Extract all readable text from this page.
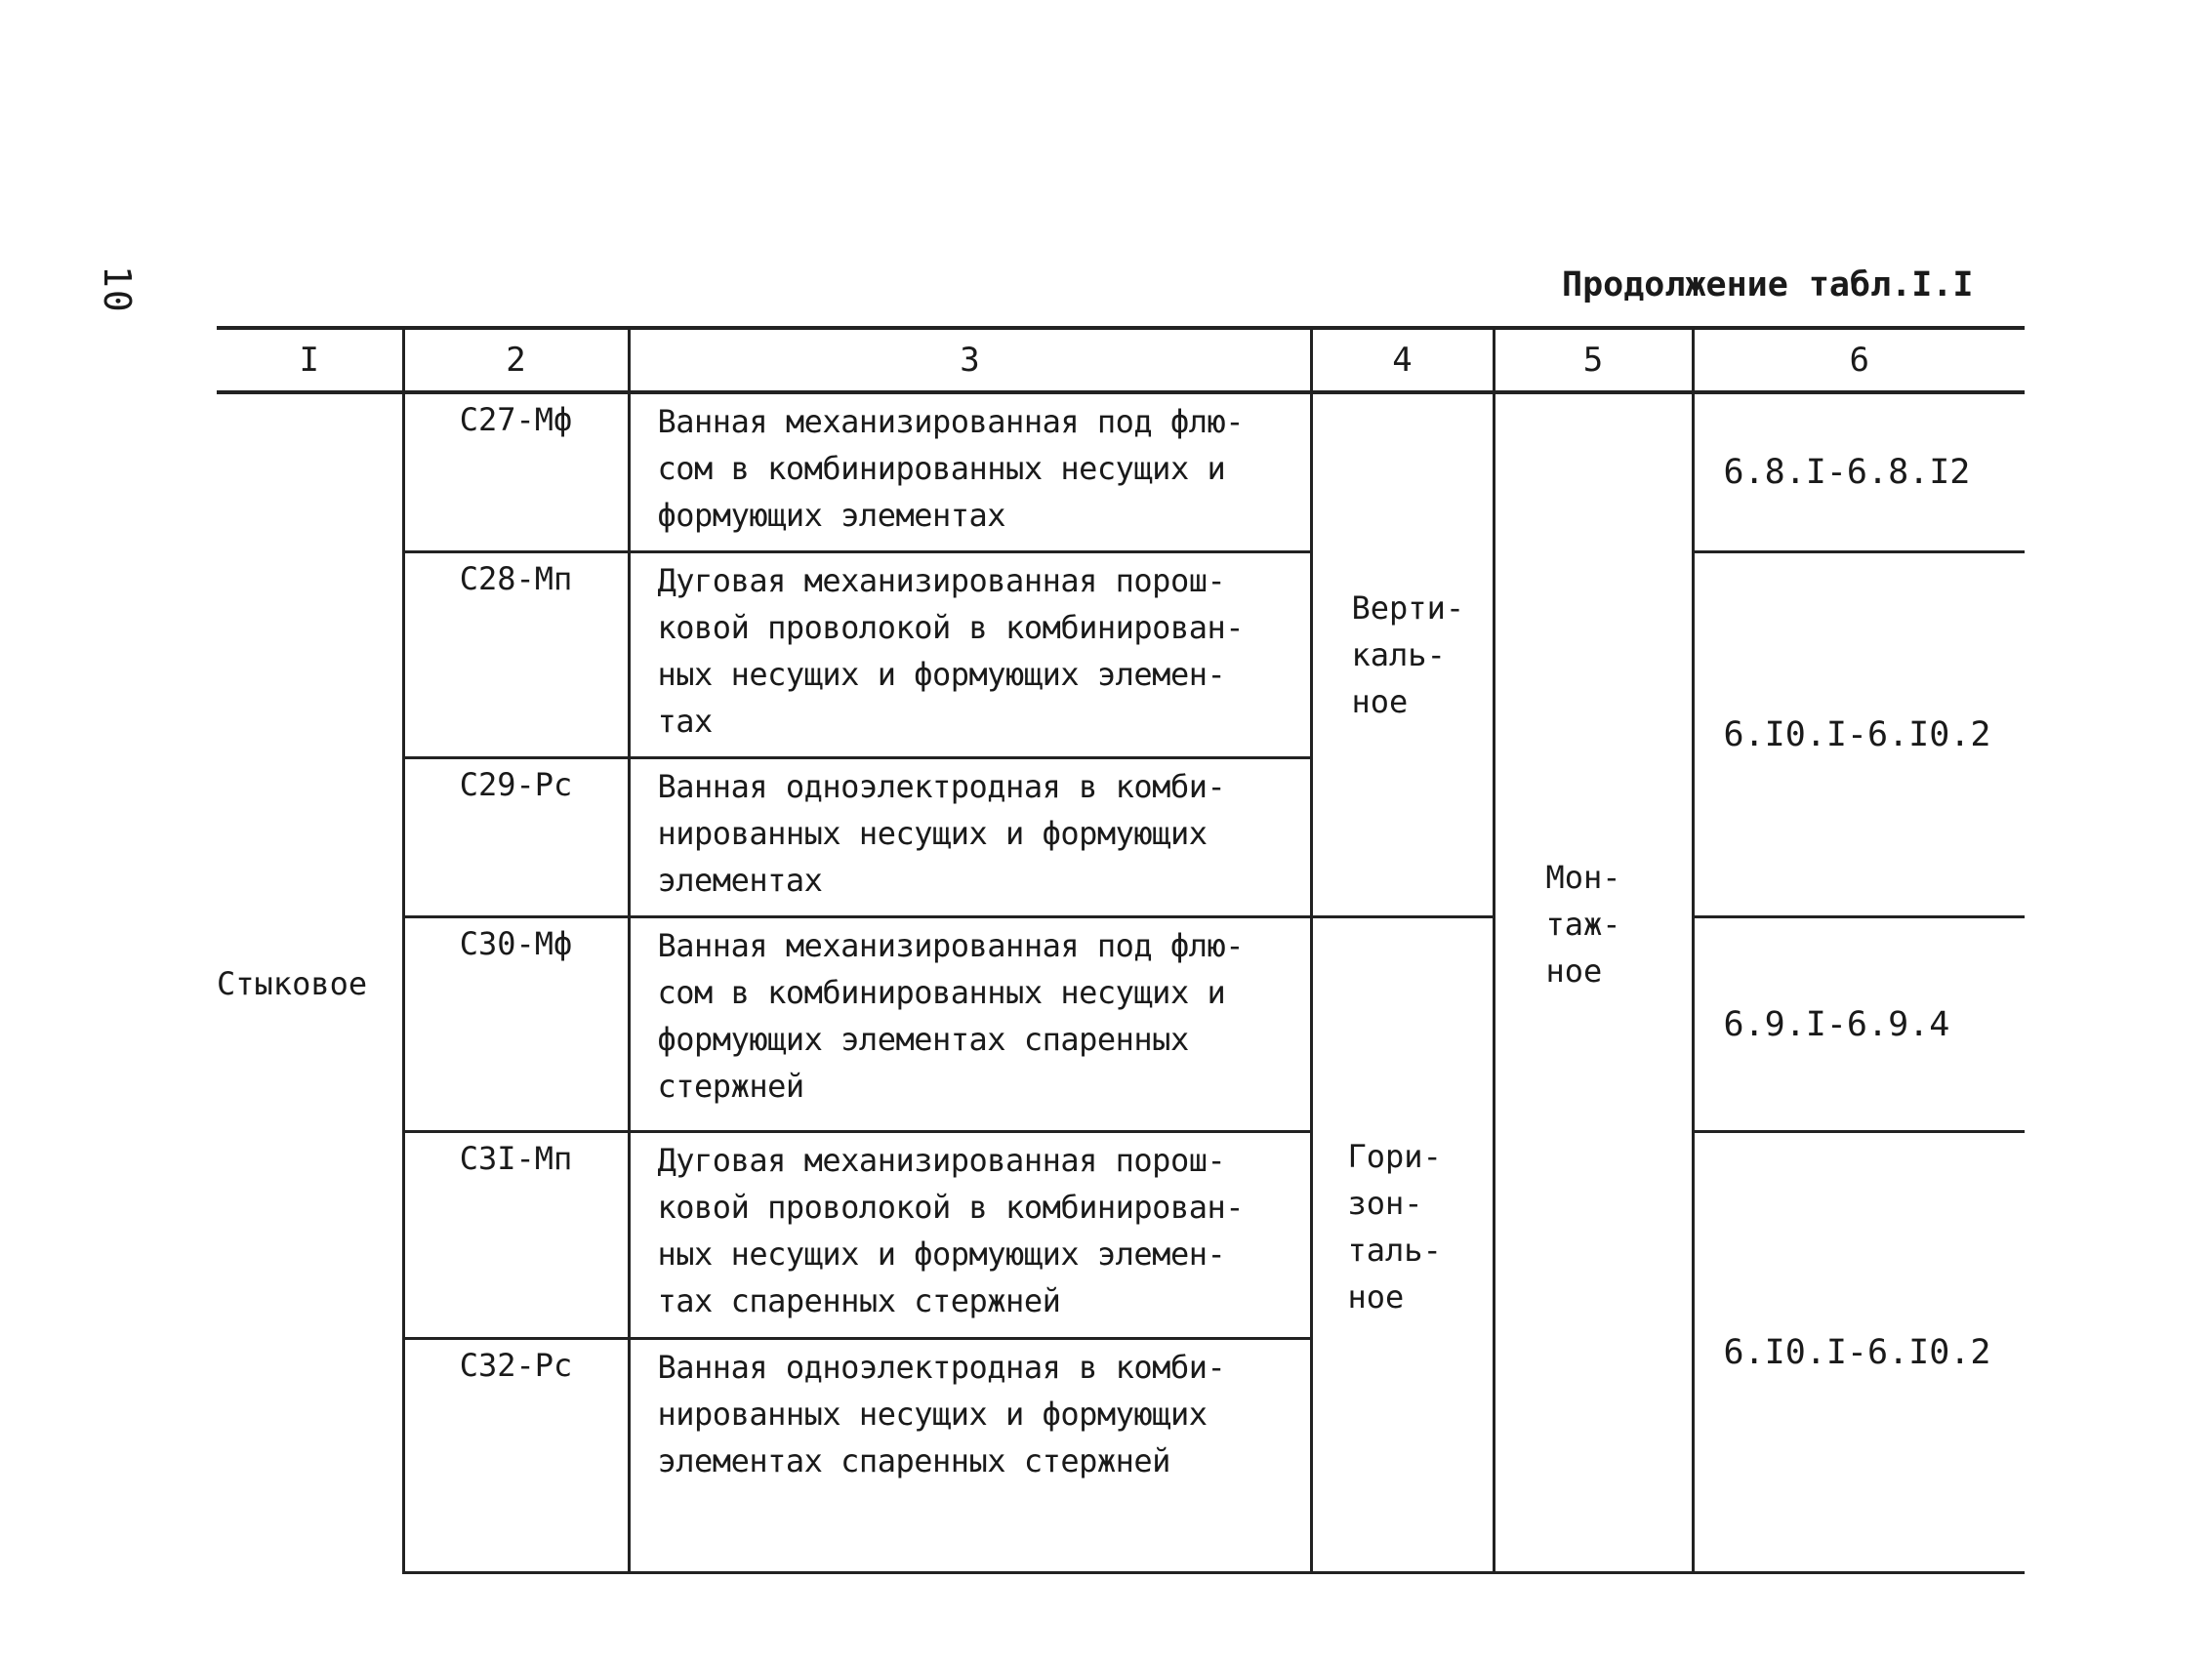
10	Продолжение табл.I.I
I	2	3	4	5	6
Стыковое	С27-Мф	Ванная механизированная под флю-
сом в комбинированных несущих и
формующих элементах	Верти-
каль-
ное	Мон-
таж-
ное	6.8.I-6.8.I2
	С28-Мп	Дуговая механизированная порош-
ковой проволокой в комбинирован-
ных несущих и формующих элемен-
тах			6.I0.I-6.I0.2
	С29-Рс	Ванная одноэлектродная в комби-
нированных несущих и формующих
элементах			

	С30-Мф	Ванная механизированная под флю-
сом в комбинированных несущих и
формующих элементах спаренных
стержней	Гори-
зон-
таль-
ное		6.9.I-6.9.4
	С3I-Мп	Дуговая механизированная порош-
ковой проволокой в комбинирован-
ных несущих и формующих элемен-
тах спаренных стержней			6.I0.I-6.I0.2
	С32-Рс	Ванная одноэлектродная в комби-
нированных несущих и формующих
элементах спаренных стержней			
